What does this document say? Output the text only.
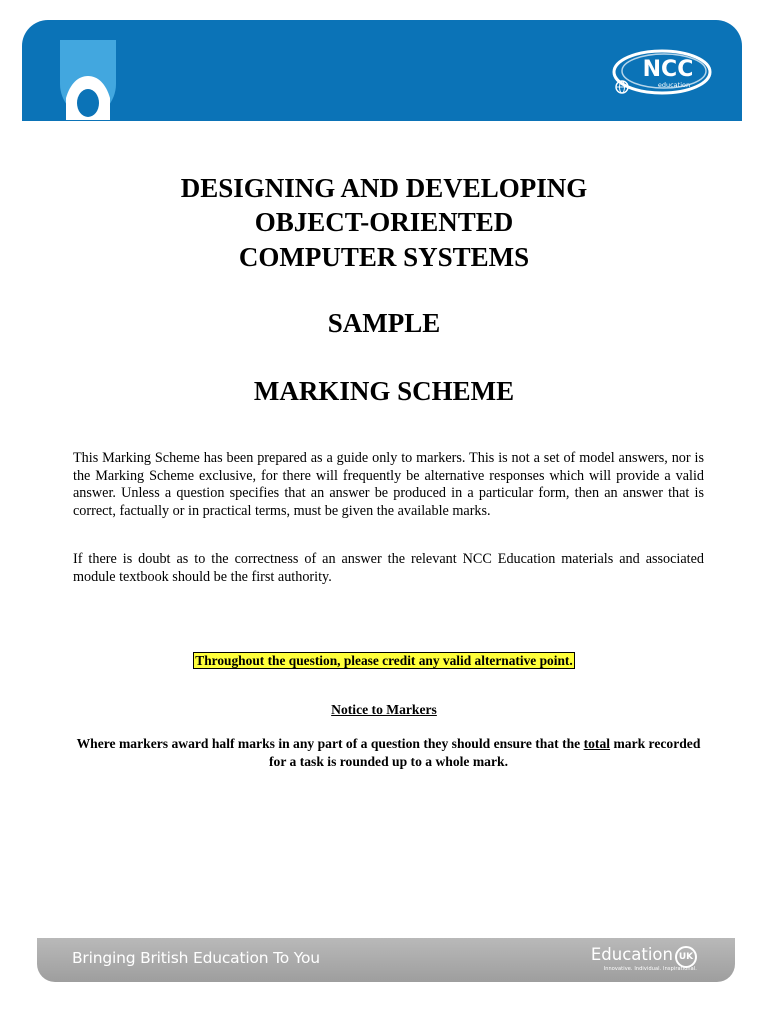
NCC
education
DESIGNING AND DEVELOPING
OBJECT-ORIENTED
COMPUTER SYSTEMS
SAMPLE
MARKING SCHEME

This Marking Scheme has been prepared as a guide only to markers. This is not a set of model answers, nor is the Marking Scheme exclusive, for there will frequently be alternative responses which will provide a valid answer. Unless a question specifies that an answer be produced in a particular form, then an answer that is correct, factually or in practical terms, must be given the available marks.

If there is doubt as to the correctness of an answer the relevant NCC Education materials and associated module textbook should be the first authority.

Throughout the question, please credit any valid alternative point.
Notice to Markers
Where markers award half marks in any part of a question they should ensure that the total mark recorded for a task is rounded up to a whole mark.
Bringing British Education To You	Education UK
Innovative. Individual. Inspirational.
